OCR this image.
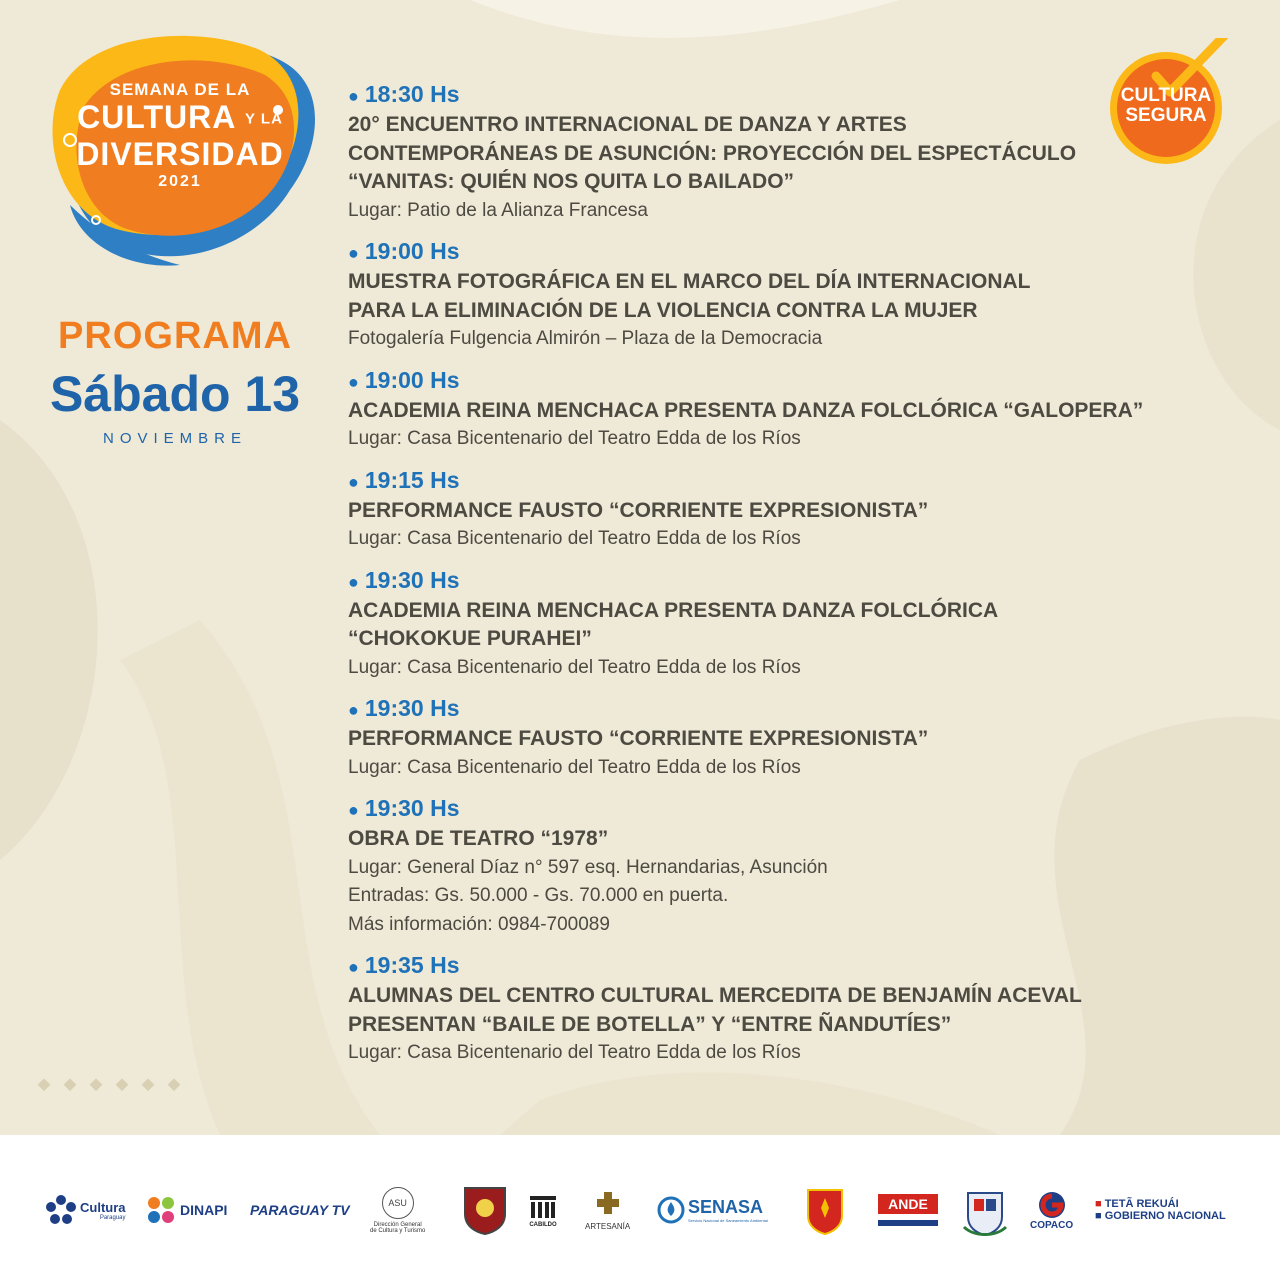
SEMANA DE LA
CULTURA Y LA
DIVERSIDAD
2021
PROGRAMA
Sábado 13
NOVIEMBRE
CULTURA
SEGURA
● 18:30 Hs
20° ENCUENTRO INTERNACIONAL DE DANZA Y ARTES
CONTEMPORÁNEAS DE ASUNCIÓN: PROYECCIÓN DEL ESPECTÁCULO
“VANITAS: QUIÉN NOS QUITA LO BAILADO”
Lugar: Patio de la Alianza Francesa
● 19:00 Hs
MUESTRA FOTOGRÁFICA EN EL MARCO DEL DÍA INTERNACIONAL
PARA LA ELIMINACIÓN DE LA VIOLENCIA CONTRA LA MUJER
Fotogalería Fulgencia Almirón – Plaza de la Democracia
● 19:00 Hs
ACADEMIA REINA MENCHACA PRESENTA DANZA FOLCLÓRICA “GALOPERA”
Lugar: Casa Bicentenario del Teatro Edda de los Ríos
● 19:15 Hs
PERFORMANCE FAUSTO “CORRIENTE EXPRESIONISTA”
Lugar: Casa Bicentenario del Teatro Edda de los Ríos
● 19:30 Hs
ACADEMIA REINA MENCHACA PRESENTA DANZA FOLCLÓRICA
“CHOKOKUE PURAHEI”
Lugar: Casa Bicentenario del Teatro Edda de los Ríos
● 19:30 Hs
PERFORMANCE FAUSTO “CORRIENTE EXPRESIONISTA”
Lugar: Casa Bicentenario del Teatro Edda de los Ríos
● 19:30 Hs
OBRA DE TEATRO “1978”
Lugar: General Díaz n° 597 esq. Hernandarias, Asunción
Entradas: Gs. 50.000 - Gs. 70.000 en puerta.
Más información: 0984-700089
● 19:35 Hs
ALUMNAS DEL CENTRO CULTURAL MERCEDITA DE BENJAMÍN ACEVAL
PRESENTAN “BAILE DE BOTELLA” Y “ENTRE ÑANDUTÍES”
Lugar: Casa Bicentenario del Teatro Edda de los Ríos
Cultura
Paraguay	DINAPI PARAGUAY TV	ASU
Dirección General
de Cultura y Turismo
CABILDO	ARTESANÍA
SENASA
Servicio Nacional de Saneamiento Ambiental
ANDE
COPACO
■ TETÃ REKUÁI
■ GOBIERNO NACIONAL
